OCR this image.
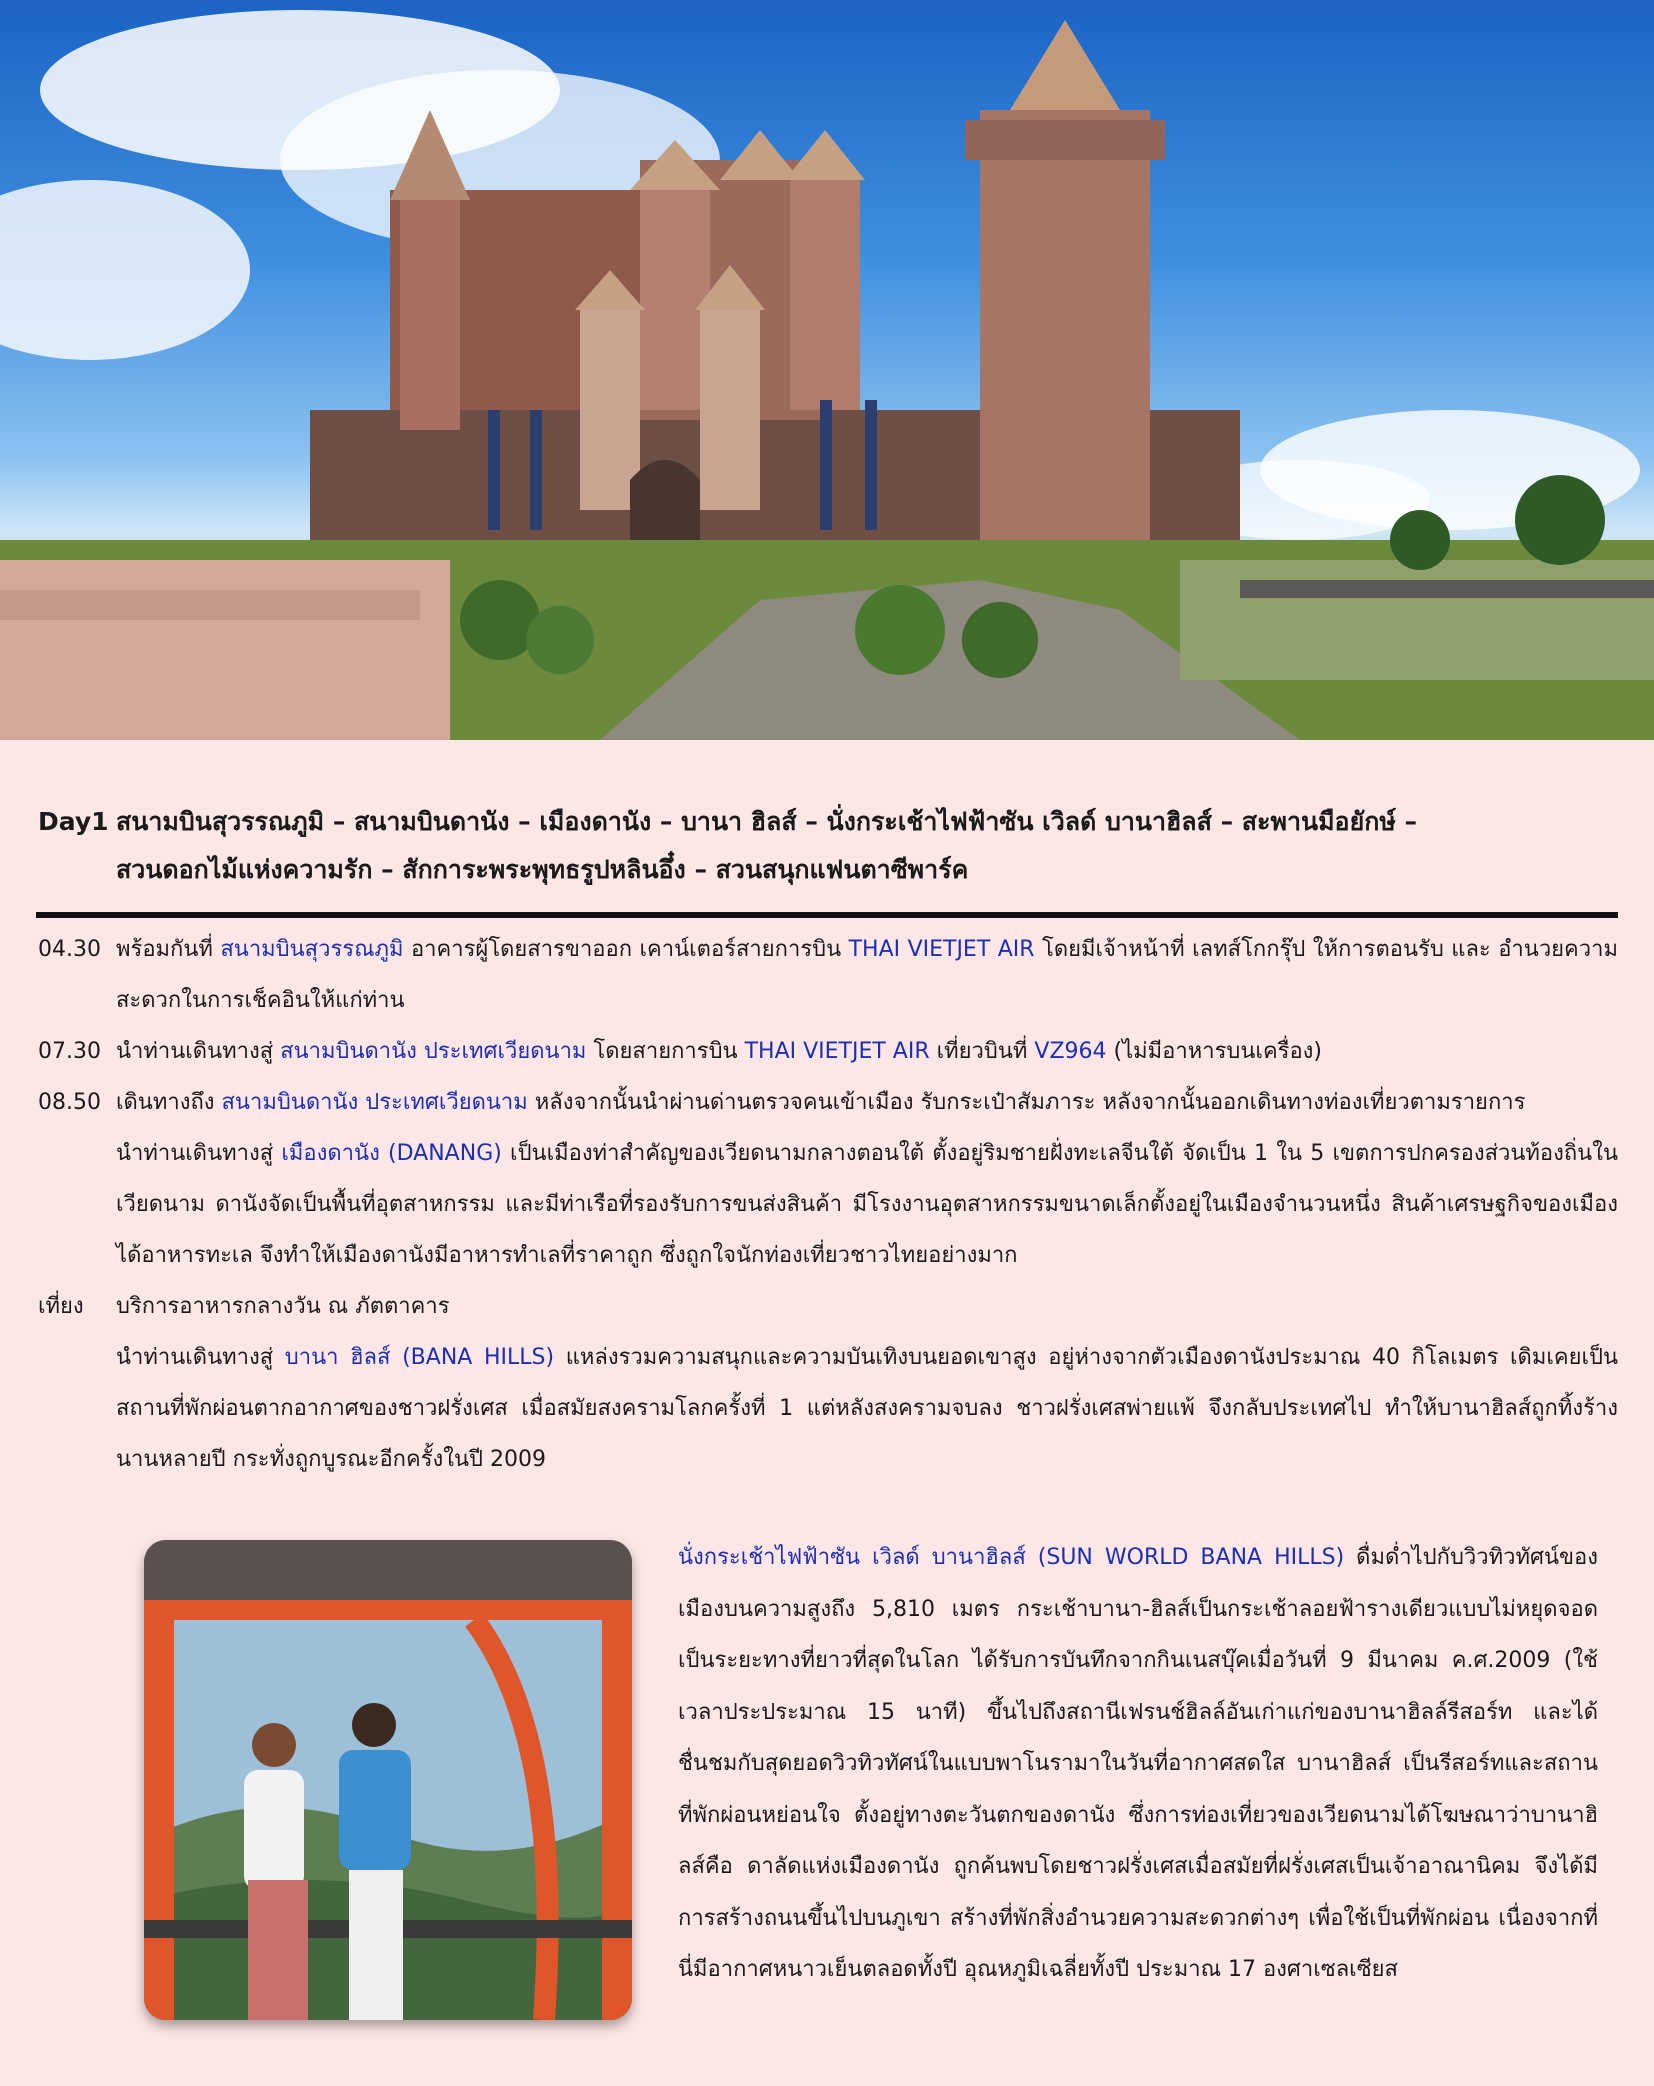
Day1 สนามบินสุวรรณภูมิ – สนามบินดานัง – เมืองดานัง – บานา ฮิลส์ – นั่งกระเช้าไฟฟ้าซัน เวิลด์ บานาฮิลส์ – สะพานมือยักษ์ –
สวนดอกไม้แห่งความรัก – สักการะพระพุทธรูปหลินอึ๋ง – สวนสนุกแฟนตาซีพาร์ค
04.30 พร้อมกันที่ สนามบินสุวรรณภูมิ อาคารผู้โดยสารขาออก เคาน์เตอร์สายการบิน THAI VIETJET AIR โดยมีเจ้าหน้าที่ เลทส์โกกรุ๊ป ให้การตอนรับ และ อำนวยความสะดวกในการเช็คอินให้แก่ท่าน
07.30 นำท่านเดินทางสู่ สนามบินดานัง ประเทศเวียดนาม โดยสายการบิน THAI VIETJET AIR เที่ยวบินที่ VZ964 (ไม่มีอาหารบนเครื่อง)
08.50 เดินทางถึง สนามบินดานัง ประเทศเวียดนาม หลังจากนั้นนำผ่านด่านตรวจคนเข้าเมือง รับกระเป๋าสัมภาระ หลังจากนั้นออกเดินทางท่องเที่ยวตามรายการ
นำท่านเดินทางสู่ เมืองดานัง (DANANG) เป็นเมืองท่าสำคัญของเวียดนามกลางตอนใต้ ตั้งอยู่ริมชายฝั่งทะเลจีนใต้ จัดเป็น 1 ใน 5 เขตการปกครองส่วนท้องถิ่นในเวียดนาม ดานังจัดเป็นพื้นที่อุตสาหกรรม และมีท่าเรือที่รองรับการขนส่งสินค้า มีโรงงานอุตสาหกรรมขนาดเล็กตั้งอยู่ในเมืองจำนวนหนึ่ง สินค้าเศรษฐกิจของเมืองได้อาหารทะเล จึงทำให้เมืองดานังมีอาหารทำเลที่ราคาถูก ซึ่งถูกใจนักท่องเที่ยวชาวไทยอย่างมาก
เที่ยง	บริการอาหารกลางวัน ณ ภัตตาคาร
นำท่านเดินทางสู่ บานา ฮิลส์ (BANA HILLS) แหล่งรวมความสนุกและความบันเทิงบนยอดเขาสูง อยู่ห่างจากตัวเมืองดานังประมาณ 40 กิโลเมตร เดิมเคยเป็นสถานที่พักผ่อนตากอากาศของชาวฝรั่งเศส เมื่อสมัยสงครามโลกครั้งที่ 1 แต่หลังสงครามจบลง ชาวฝรั่งเศสพ่ายแพ้ จึงกลับประเทศไป ทำให้บานาฮิลส์ถูกทิ้งร้างนานหลายปี กระทั่งถูกบูรณะอีกครั้งในปี 2009
นั่งกระเช้าไฟฟ้าซัน เวิลด์ บานาฮิลส์ (SUN WORLD BANA HILLS) ดื่มด่ำไปกับวิวทิวทัศน์ของเมืองบนความสูงถึง 5,810 เมตร กระเช้าบานา-ฮิลส์เป็นกระเช้าลอยฟ้ารางเดียวแบบไม่หยุดจอดเป็นระยะทางที่ยาวที่สุดในโลก ได้รับการบันทึกจากกินเนสบุ๊คเมื่อวันที่ 9 มีนาคม ค.ศ.2009 (ใช้เวลาประประมาณ 15 นาที) ขึ้นไปถึงสถานีเฟรนช์ฮิลล์อันเก่าแก่ของบานาฮิลล์รีสอร์ท และได้ชื่นชมกับสุดยอดวิวทิวทัศน์ในแบบพาโนรามาในวันที่อากาศสดใส บานาฮิลส์ เป็นรีสอร์ทและสถานที่พักผ่อนหย่อนใจ ตั้งอยู่ทางตะวันตกของดานัง ซึ่งการท่องเที่ยวของเวียดนามได้โฆษณาว่าบานาฮิลส์คือ ดาลัดแห่งเมืองดานัง ถูกค้นพบโดยชาวฝรั่งเศสเมื่อสมัยที่ฝรั่งเศสเป็นเจ้าอาณานิคม จึงได้มีการสร้างถนนขึ้นไปบนภูเขา สร้างที่พักสิ่งอำนวยความสะดวกต่างๆ เพื่อใช้เป็นที่พักผ่อน เนื่องจากที่นี่มีอากาศหนาวเย็นตลอดทั้งปี อุณหภูมิเฉลี่ยทั้งปี ประมาณ 17 องศาเซลเซียส
